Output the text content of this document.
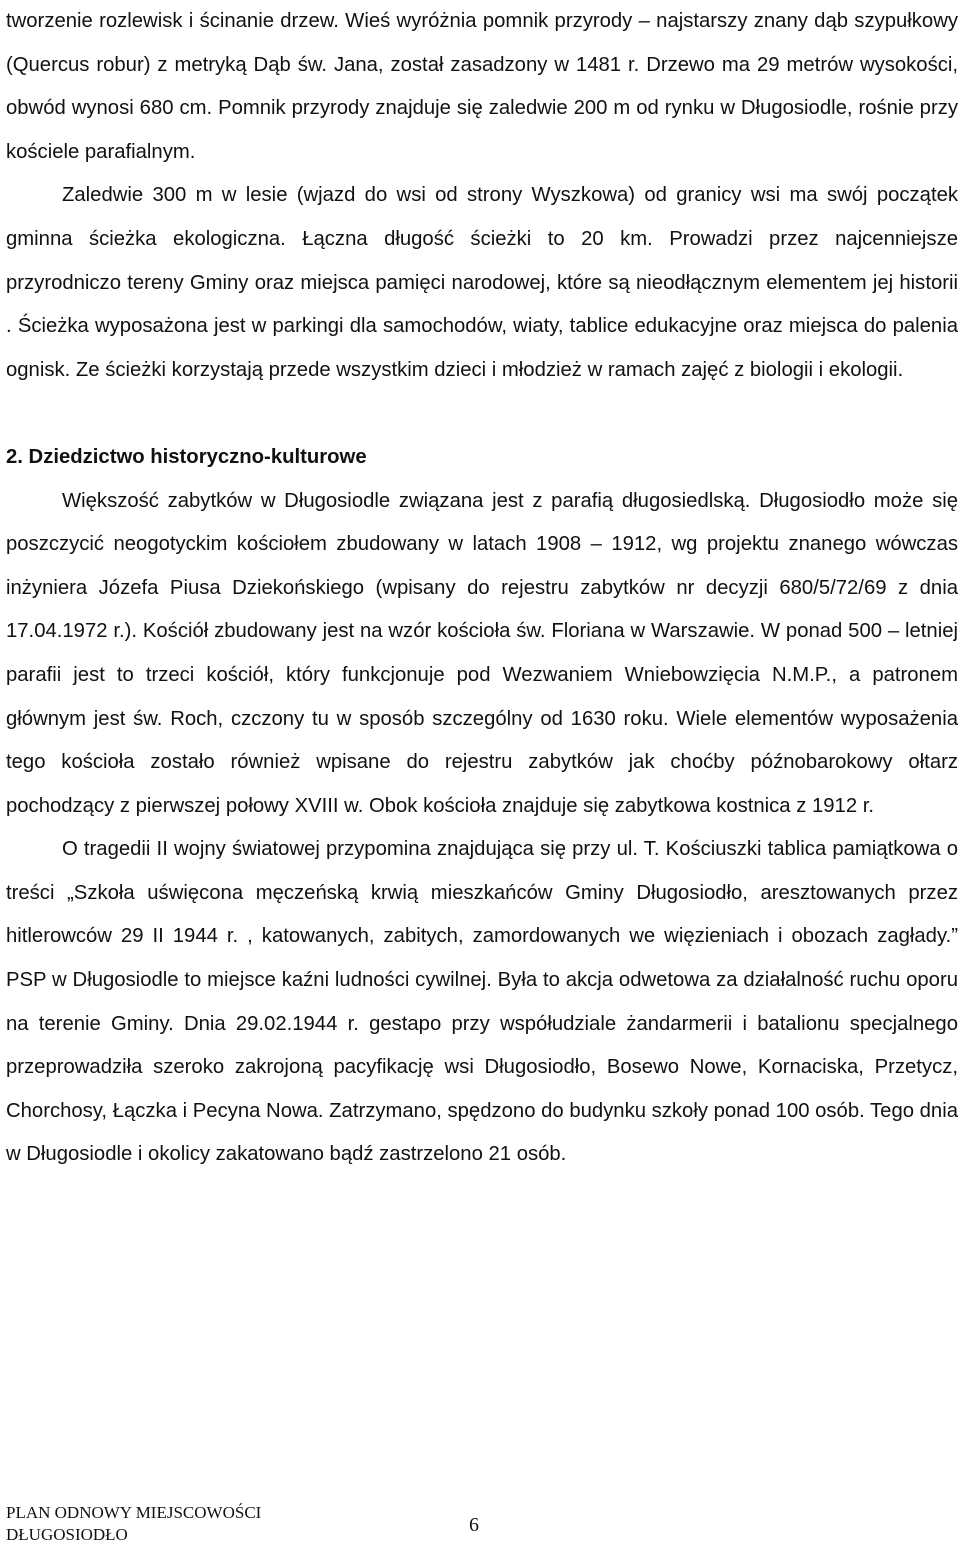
tworzenie rozlewisk i ścinanie drzew. Wieś wyróżnia pomnik przyrody – najstarszy znany dąb szypułkowy (Quercus robur) z metryką Dąb św. Jana, został zasadzony w 1481 r. Drzewo ma 29 metrów wysokości, obwód wynosi 680 cm. Pomnik przyrody znajduje się zaledwie 200 m od rynku w Długosiodle, rośnie przy kościele parafialnym.

Zaledwie 300 m w lesie (wjazd do wsi od strony Wyszkowa) od granicy wsi ma swój początek gminna ścieżka ekologiczna. Łączna długość ścieżki to 20 km. Prowadzi przez najcenniejsze przyrodniczo tereny Gminy oraz miejsca pamięci narodowej, które są nieodłącznym elementem jej historii . Ścieżka wyposażona jest w parkingi dla samochodów, wiaty, tablice edukacyjne oraz miejsca do palenia ognisk. Ze ścieżki korzystają przede wszystkim dzieci i młodzież w ramach zajęć z biologii i ekologii.

2. Dziedzictwo historyczno-kulturowe

Większość zabytków w Długosiodle związana jest z parafią długosiedlską. Długosiodło może się poszczycić neogotyckim kościołem zbudowany w latach 1908 – 1912, wg projektu znanego wówczas inżyniera Józefa Piusa Dziekońskiego (wpisany do rejestru zabytków nr decyzji 680/5/72/69 z dnia 17.04.1972 r.). Kościół zbudowany jest na wzór kościoła św. Floriana w Warszawie. W ponad 500 – letniej parafii jest to trzeci kościół, który funkcjonuje pod Wezwaniem Wniebowzięcia N.M.P., a patronem głównym jest św. Roch, czczony tu w sposób szczególny od 1630 roku. Wiele elementów wyposażenia tego kościoła zostało również wpisane do rejestru zabytków jak choćby późnobarokowy ołtarz pochodzący z pierwszej połowy XVIII w. Obok kościoła znajduje się zabytkowa kostnica z 1912 r.

O tragedii II wojny światowej przypomina znajdująca się przy ul. T. Kościuszki tablica pamiątkowa o treści „Szkoła uświęcona męczeńską krwią mieszkańców Gminy Długosiodło, aresztowanych przez hitlerowców 29 II 1944 r. , katowanych, zabitych, zamordowanych we więzieniach i obozach zagłady.” PSP w Długosiodle to miejsce kaźni ludności cywilnej. Była to akcja odwetowa za działalność ruchu oporu na terenie Gminy. Dnia 29.02.1944 r. gestapo przy współudziale żandarmerii i batalionu specjalnego przeprowadziła szeroko zakrojoną pacyfikację wsi Długosiodło, Bosewo Nowe, Kornaciska, Przetycz, Chorchosy, Łączka i Pecyna Nowa. Zatrzymano, spędzono do budynku szkoły ponad 100 osób. Tego dnia w Długosiodle i okolicy zakatowano bądź zastrzelono 21 osób.

PLAN ODNOWY MIEJSCOWOŚCI
DŁUGOSIODŁO	6
